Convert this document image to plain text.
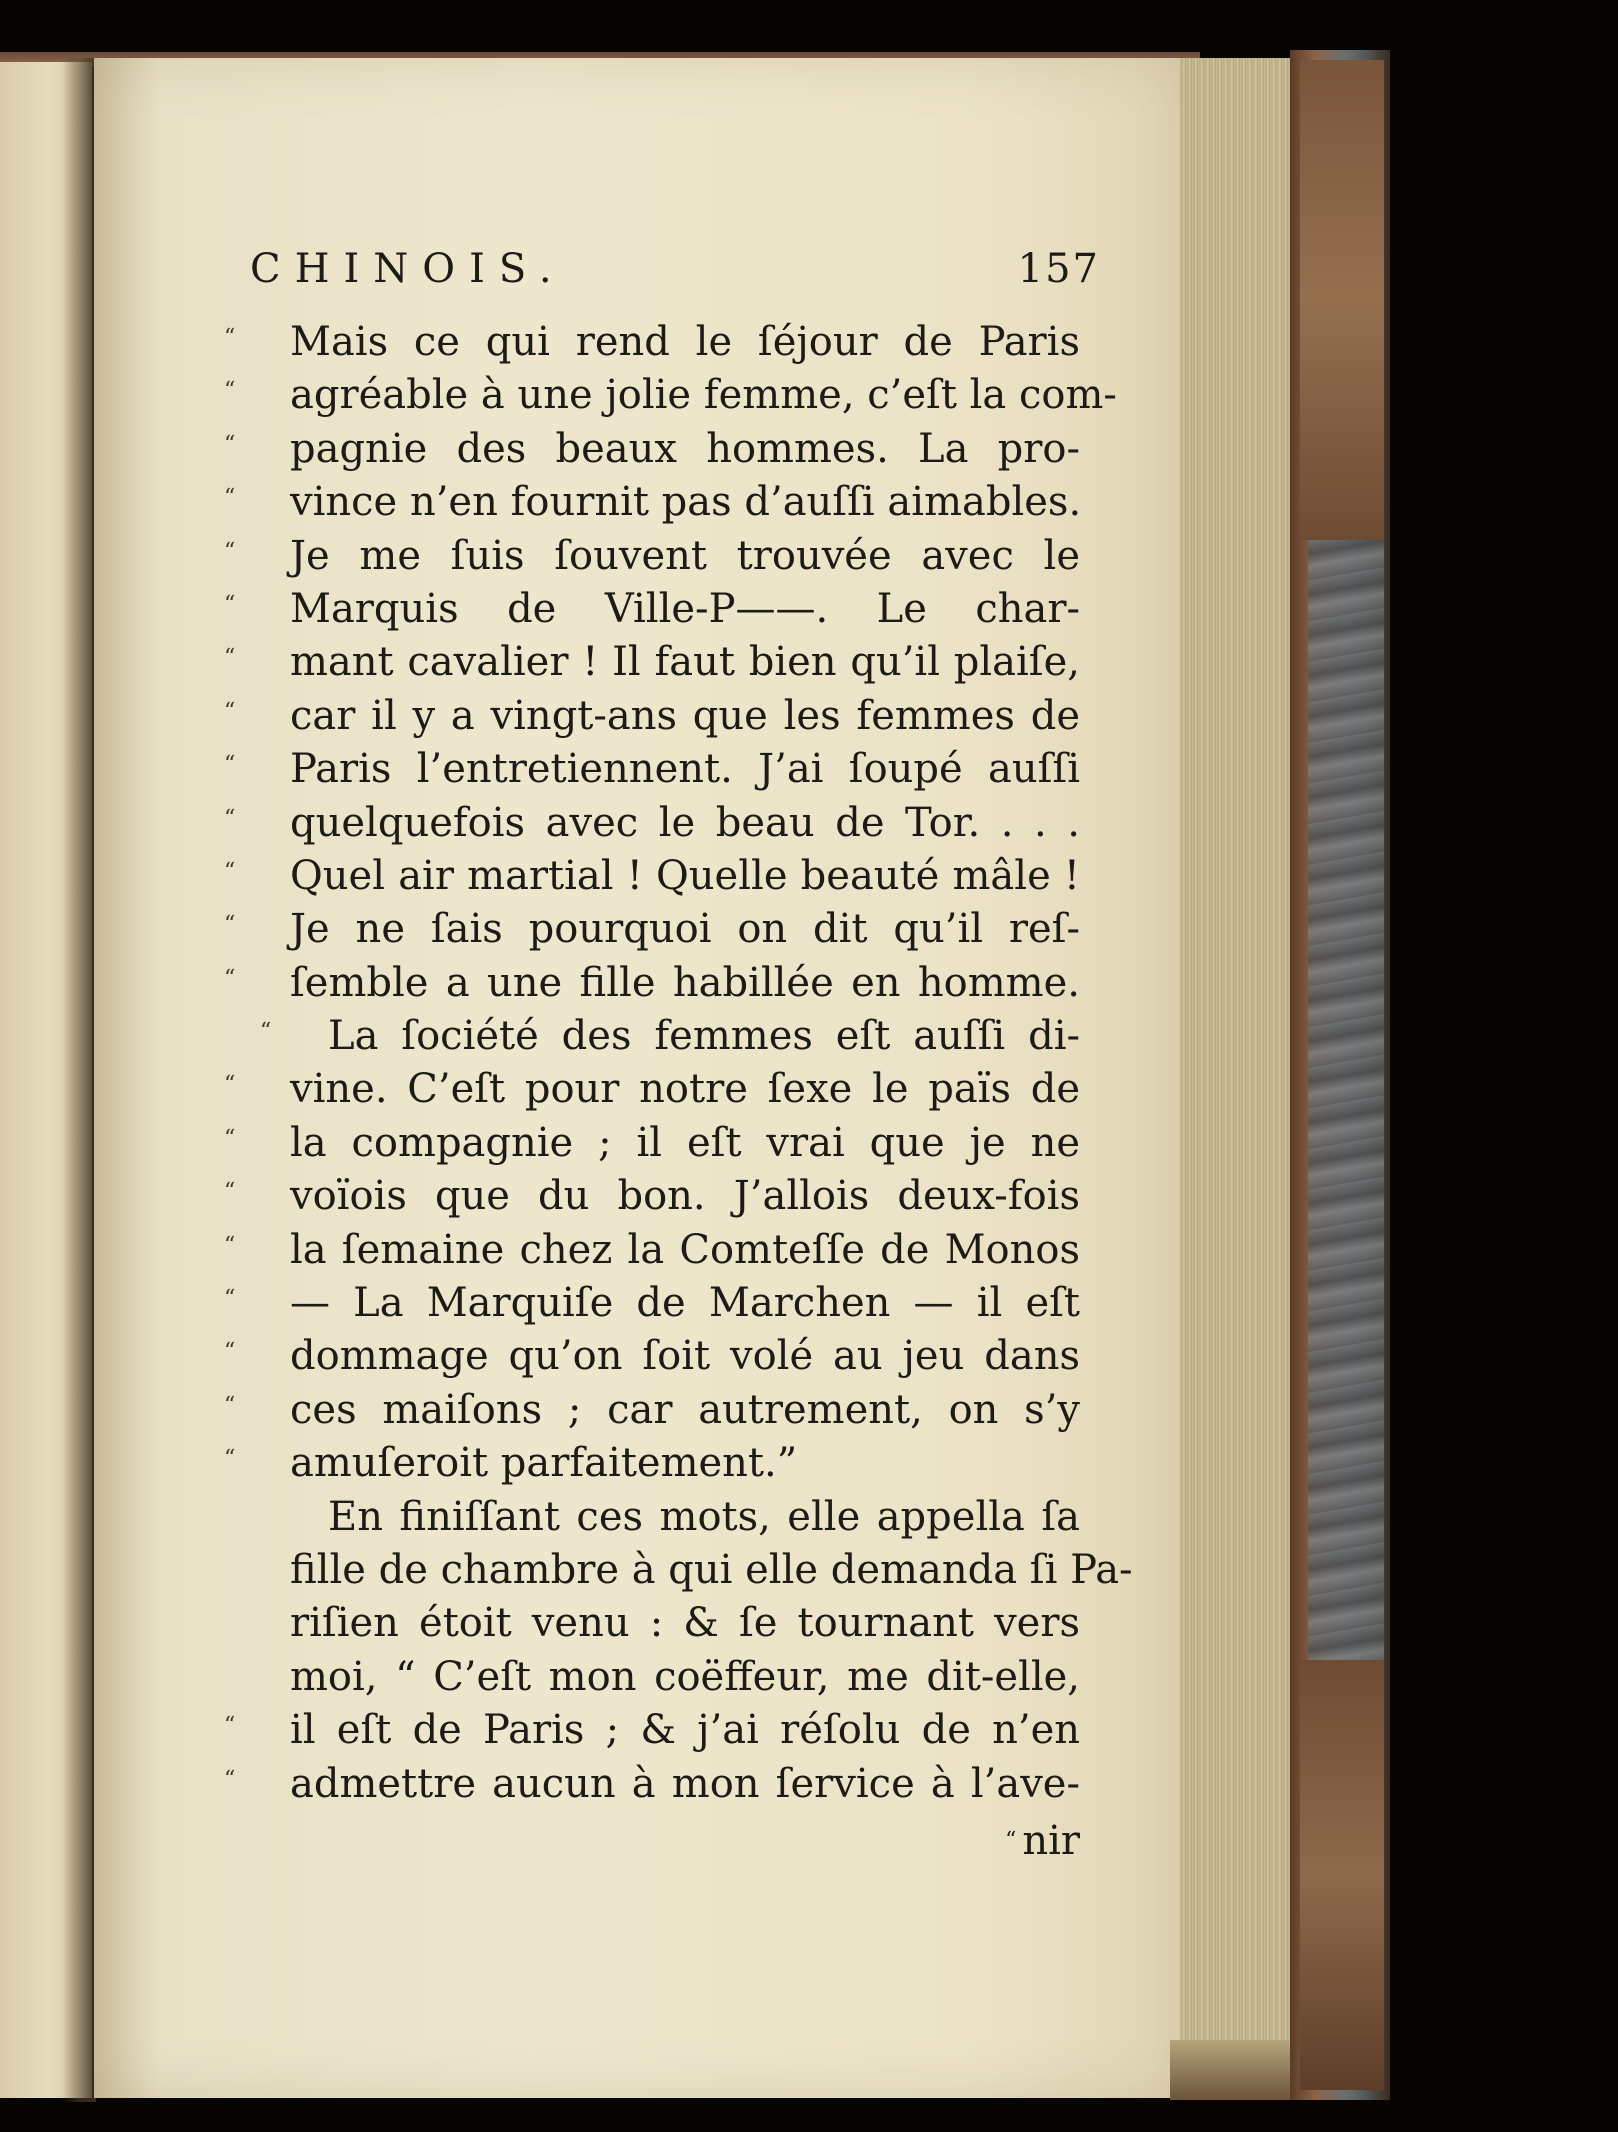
CHINOIS.	157
“ Mais ce qui rend le ſéjour de Paris
“ agréable à une jolie femme, c’eſt la com-
“ pagnie des beaux hommes. La pro-
“ vince n’en fournit pas d’auſſi aimables.
“ Je me ſuis ſouvent trouvée avec le
“ Marquis de Ville-P——. Le char-
“ mant cavalier ! Il faut bien qu’il plaiſe,
“ car il y a vingt-ans que les femmes de
“ Paris l’entretiennent. J’ai ſoupé auſſi
“ quelquefois avec le beau de Tor. . . .
“ Quel air martial ! Quelle beauté mâle !
“ Je ne ſais pourquoi on dit qu’il reſ-
“ ſemble a une fille habillée en homme.
“ La ſociété des femmes eſt auſſi di-
“ vine. C’eſt pour notre ſexe le païs de
“ la compagnie ; il eſt vrai que je ne
“ voïois que du bon. J’allois deux-fois
“ la ſemaine chez la Comteſſe de Monos
“ — La Marquiſe de Marchen — il eſt
“ dommage qu’on ſoit volé au jeu dans
“ ces maiſons ; car autrement, on s’y
“ amuſeroit parfaitement.”
En finiſſant ces mots, elle appella ſa
fille de chambre à qui elle demanda ſi Pa-
riſien étoit venu : & ſe tournant vers
moi, “ C’eſt mon coëffeur, me dit-elle,
“ il eſt de Paris ; & j’ai réſolu de n’en
“ admettre aucun à mon ſervice à l’ave-
“ nir
